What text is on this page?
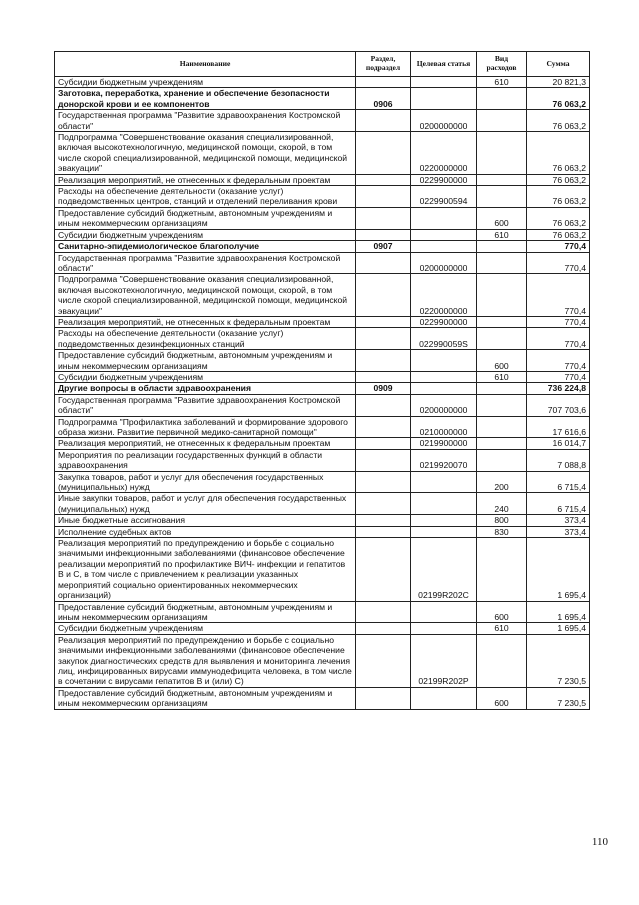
Наименование	Раздел, подраздел	Целевая статья	Вид расходов	Сумма
Субсидии бюджетным учреждениям			610	20 821,3
Заготовка, переработка, хранение и обеспечение безопасности донорской крови и ее компонентов	0906			76 063,2
Государственная программа "Развитие здравоохранения Костромской области"		0200000000		76 063,2
Подпрограмма "Совершенствование оказания специализированной, включая высокотехнологичную, медицинской помощи, скорой, в том числе скорой специализированной, медицинской помощи, медицинской эвакуации"		0220000000		76 063,2
Реализация мероприятий, не отнесенных к федеральным проектам		0229900000		76 063,2
Расходы на обеспечение деятельности (оказание услуг) подведомственных центров, станций и отделений переливания крови		0229900594		76 063,2
Предоставление субсидий бюджетным, автономным учреждениям и иным некоммерческим организациям			600	76 063,2
Субсидии бюджетным учреждениям			610	76 063,2
Санитарно-эпидемиологическое благополучие	0907			770,4
Государственная программа "Развитие здравоохранения Костромской области"		0200000000		770,4
Подпрограмма "Совершенствование оказания специализированной, включая высокотехнологичную, медицинской помощи, скорой, в том числе скорой специализированной, медицинской помощи, медицинской эвакуации"		0220000000		770,4
Реализация мероприятий, не отнесенных к федеральным проектам		0229900000		770,4
Расходы на обеспечение деятельности (оказание услуг) подведомственных дезинфекционных станций		022990059S		770,4
Предоставление субсидий бюджетным, автономным учреждениям и иным некоммерческим организациям			600	770,4
Субсидии бюджетным учреждениям			610	770,4
Другие вопросы в области здравоохранения	0909			736 224,8
Государственная программа "Развитие здравоохранения Костромской области"		0200000000		707 703,6
Подпрограмма "Профилактика заболеваний и формирование здорового образа жизни. Развитие первичной медико-санитарной помощи"		0210000000		17 616,6
Реализация мероприятий, не отнесенных к федеральным проектам		0219900000		16 014,7
Мероприятия по реализации государственных функций в области здравоохранения		0219920070		7 088,8
Закупка товаров, работ и услуг для обеспечения государственных (муниципальных) нужд			200	6 715,4
Иные закупки товаров, работ и услуг для обеспечения государственных (муниципальных) нужд			240	6 715,4
Иные бюджетные ассигнования			800	373,4
Исполнение судебных актов			830	373,4
Реализация мероприятий по предупреждению и борьбе с социально значимыми инфекционными заболеваниями (финансовое обеспечение реализации мероприятий по профилактике ВИЧ- инфекции и гепатитов В и С, в том числе с привлечением к реализации указанных мероприятий социально ориентированных некоммерческих организаций)		02199R202C		1 695,4
Предоставление субсидий бюджетным, автономным учреждениям и иным некоммерческим организациям			600	1 695,4
Субсидии бюджетным учреждениям			610	1 695,4
Реализация мероприятий по предупреждению и борьбе с социально значимыми инфекционными заболеваниями (финансовое обеспечение закупок диагностических средств для выявления и мониторинга лечения лиц, инфицированных вирусами иммунодефицита человека, в том числе в сочетании с вирусами гепатитов В и (или) С)		02199R202P		7 230,5
Предоставление субсидий бюджетным, автономным учреждениям и иным некоммерческим организациям			600	7 230,5
110
